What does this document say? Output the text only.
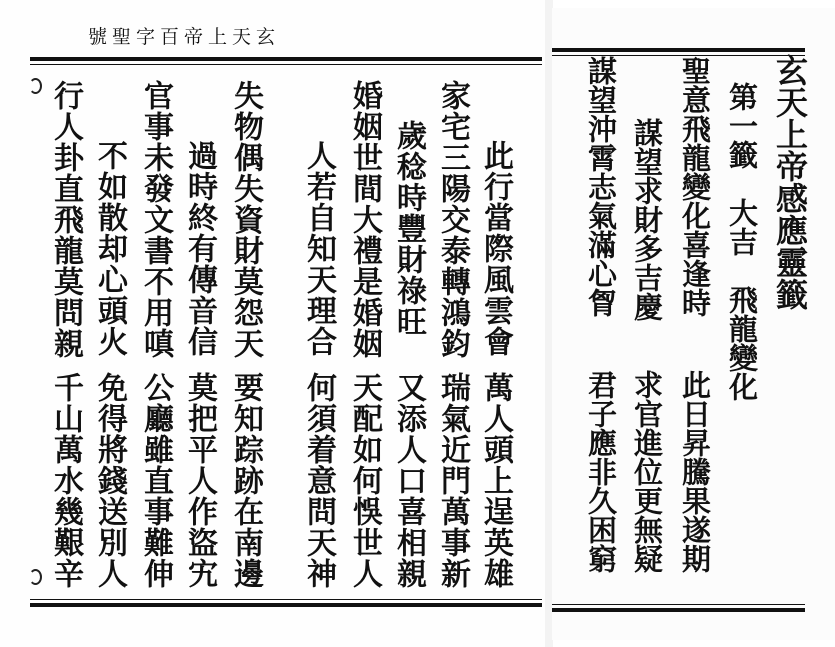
玄天上帝百字聖號
此行當際風雲會
家宅三陽交泰轉鴻鈞
歲稔時豐財祿旺
婚姻世間大禮是婚姻
人若自知天理合
失物偶失資財莫怨天
過時終有傳音信
官事未發文書不用嗔
不如散却心頭火
行人卦直飛龍莫問親
萬人頭上逞英雄
瑞氣近門萬事新
又添人口喜相親
天配如何悞世人
何須着意問天神
要知踪跡在南邊
莫把平人作盜宄
公廳雖直事難伸
免得將錢送別人
千山萬水幾艱辛
玄天上帝感應靈籤
第一籤　大吉　飛龍變化
聖意飛龍變化喜逢時
謀望求財多吉慶
謀望沖霄志氣滿心胷
此日昇騰果遂期
求官進位更無疑
君子應非久困窮
